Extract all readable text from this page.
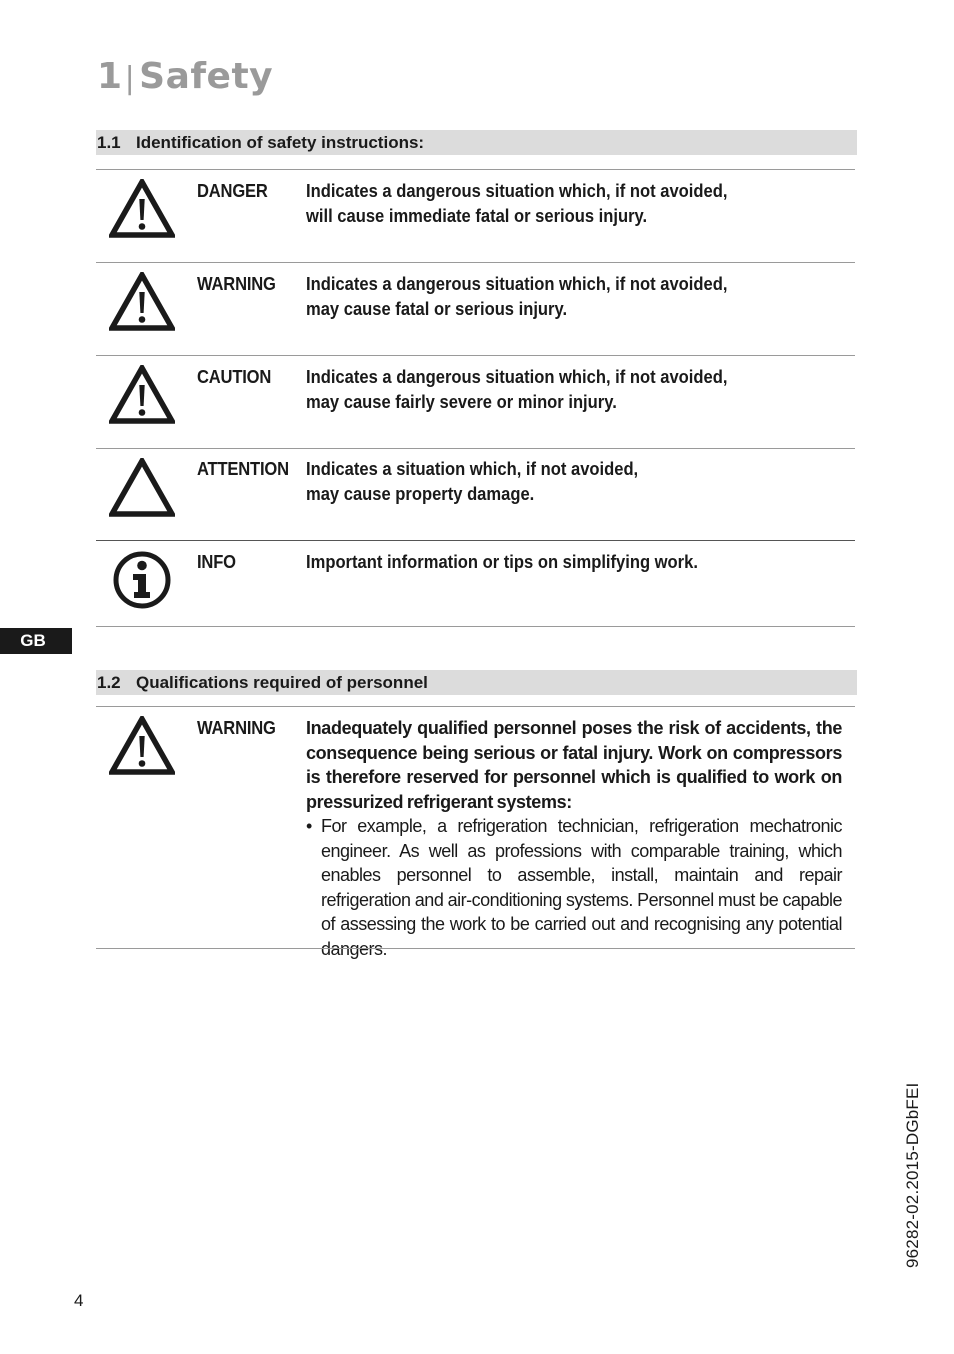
1| Safety
1.1 Identification of safety instructions:
DANGER Indicates a dangerous situation which, if not avoided,
will cause immediate fatal or serious injury.
WARNING Indicates a dangerous situation which, if not avoided,
may cause fatal or serious injury.
CAUTION Indicates a dangerous situation which, if not avoided,
may cause fairly severe or minor injury.
ATTENTION Indicates a situation which, if not avoided,
may cause property damage.
INFO	Important information or tips on simplifying work.
GB
1.2 Qualifications required of personnel
WARNING Inadequately qualified personnel poses the risk of accidents, the consequence being serious or fatal injury. Work on compressors is therefore reserved for personnel which is qualified to work on pressurized refrigerant systems:
• For example, a refrigeration technician, refrigeration mechatronic engineer. As well as professions with comparable training, which enables personnel to assemble, install, maintain and repair refrigeration and air-conditioning systems. Personnel must be capable of assessing the work to be carried out and recognising any potential dangers.
96282-02.2015-DGbFEI
4
